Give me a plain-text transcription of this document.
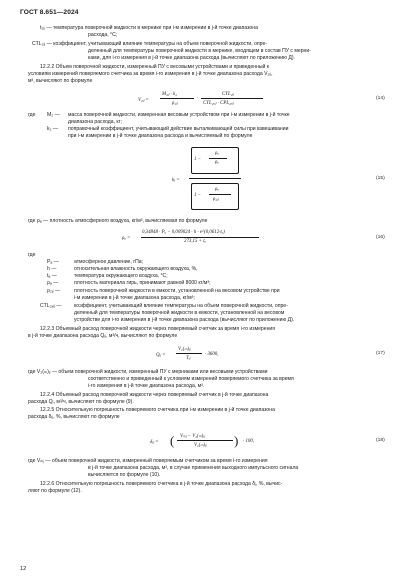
ГОСТ 8.651—2024
t₂ᵢⱼ — температура поверочной жидкости в мернике при i-м измерении в j-й точке диапазона
расхода, °С;
CTL₂ᵢⱼ — коэффициент, учитывающий влияние температуры на объем поверочной жидкости, опре-
деленный для температуры поверочной жидкости в мернике, входящем в состав ПУ с мерни-
ками, для i-го измерения в j-й точке диапазона расхода (вычисляют по приложению Д).
12.2.2 Объем поверочной жидкости, измеренный ПУ с весовыми устройствами и приведенный к
условиям измерений поверяемого счетчика за время i-го измерения в j-й точке диапазона расхода V₂ᵢⱼ,
м³, вычисляют по формуле
V₂ᵢⱼ =
M₂ᵢⱼ · k₂
ρ₂ᵢⱼ
·
CTL₂ᵢⱼ
CTL₂ₓᵢⱼ · CPL₂ₓᵢⱼ
(14)
где M₂ — масса поверочной жидкости, измеренная весовым устройством при i-м измерении в j-й точке
диапазона расхода, кг;
k₂ — поправочный коэффициент, учитывающий действие выталкивающей силы при взвешивании
при i-м измерении в j-й точке диапазона расхода и вычисляемый по формуле
kⱼ =
1 −
ρₐ
ρₐ
1 −
ρₐ
ρ₂ᵢⱼ
(15)
где ρₐ — плотность атмосферного воздуха, кг/м³, вычисляемая по формуле
ρₐ =
0,34848 · Pₐ − 0,009024 · h · e^(0,0612·tₐ)
273,15 + tₐ
(16)
где
Pₐ —	атмосферное давление, гПа;
h —	относительная влажность окружающего воздуха, %,
tₐ —	температура окружающего воздуха, °С;
ρₐ —	плотность материала гирь, принимают равной 8000 кг/м³;
ρ₂ᵢⱼ —	плотность поверочной жидкости в емкости, установленной на весовом устройстве при
i-м измерении в j-й точке диапазона расхода, кг/м³;
CTL₂ₓᵢⱼ — коэффициент, учитывающий влияние температуры на объем поверочной жидкости, опре-
деленный для температуры поверочной жидкости в емкости, установленной на весовом
устройстве для i-го измерения в j-й точке диапазона расхода (вычисляют по приложению Д).
12.2.3 Объемный расход поверочной жидкости через поверяемый счетчик за время i-го измерения
в j-й точке диапазона расхода Qᵢⱼ, м³/ч, вычисляют по формуле
Qᵢⱼ =
V₂(ₘ)ᵢⱼ
Tᵢⱼ
· 3600,	(17)
где V₂(ₘ)ᵢⱼ — объем поверочной жидкости, измеренный ПУ с мерниками или весовыми устройствами
соответственно и приведенный к условиям измерений поверяемого счетчика за время
i-го измерения в j-й точке диапазона расхода, м³.
12.2.4 Объемный расход поверочной жидкости через поверяемый счетчик в j-й точке диапазона
расхода Qⱼ, м³/ч, вычисляют по формуле (9).
12.2.5 Относительную погрешность поверяемого счетчика при i-м измерении в j-й точке диапазона
расхода δᵢⱼ, %, вычисляют по формуле
δᵢⱼ = ( Vₙᵢⱼ − V₂(ₘ)ᵢⱼ
V₂(ₘ)ᵢⱼ ) · 100,	(18)
где Vₙᵢⱼ — объем поверочной жидкости, измеренный поверяемым счетчиком за время i-го измерения
в j-й точке диапазона расхода, м³, в случае применения выходного импульсного сигнала
вычисляется по формуле (10).
12.2.6 Относительную погрешность поверяемого счетчика в j-й точке диапазона расхода δⱼ, %, вычис-
ляют по формуле (12).
12
